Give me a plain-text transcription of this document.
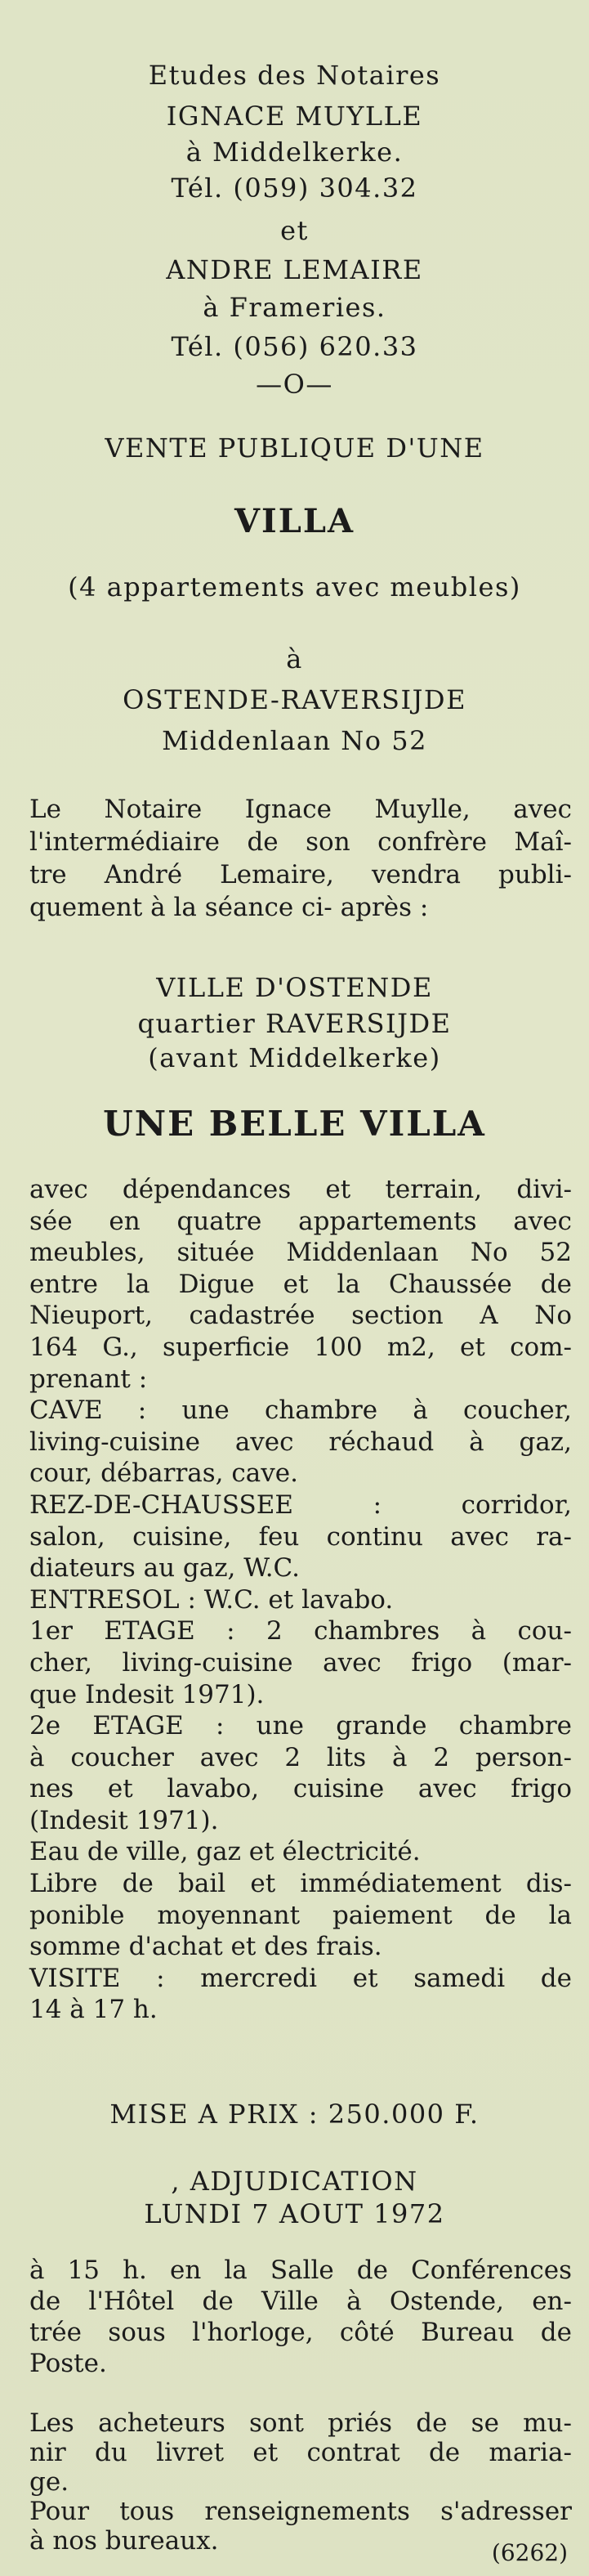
Etudes des Notaires
IGNACE MUYLLE
à Middelkerke.
Tél. (059) 304.32
et
ANDRE LEMAIRE
à Frameries.
Tél. (056) 620.33
—O—
VENTE PUBLIQUE D'UNE
VILLA
(4 appartements avec meubles)
à
OSTENDE-RAVERSIJDE
Middenlaan No 52
Le Notaire Ignace Muylle, avec
l'intermédiaire de son confrère Maî-
tre André Lemaire, vendra publi-
quement à la séance ci- après :
VILLE D'OSTENDE
quartier RAVERSIJDE
(avant Middelkerke)
UNE BELLE VILLA
avec dépendances et terrain, divi-
sée en quatre appartements avec
meubles, située Middenlaan No 52
entre la Digue et la Chaussée de
Nieuport, cadastrée section A No
164 G., superficie 100 m2, et com-
prenant :
CAVE : une chambre à coucher,
living-cuisine avec réchaud à gaz,
cour, débarras, cave.
REZ-DE-CHAUSSEE : corridor,
salon, cuisine, feu continu avec ra-
diateurs au gaz, W.C.
ENTRESOL : W.C. et lavabo.
1er ETAGE : 2 chambres à cou-
cher, living-cuisine avec frigo (mar-
que Indesit 1971).
2e ETAGE : une grande chambre
à coucher avec 2 lits à 2 person-
nes et lavabo, cuisine avec frigo
(Indesit 1971).
Eau de ville, gaz et électricité.
Libre de bail et immédiatement dis-
ponible moyennant paiement de la
somme d'achat et des frais.
VISITE : mercredi et samedi de
14 à 17 h.
MISE A PRIX : 250.000 F.
, ADJUDICATION
LUNDI 7 AOUT 1972
à 15 h. en la Salle de Conférences
de l'Hôtel de Ville à Ostende, en-
trée sous l'horloge, côté Bureau de
Poste.
Les acheteurs sont priés de se mu-
nir du livret et contrat de maria-
ge.
Pour tous renseignements s'adresser
à nos bureaux.	(6262)
